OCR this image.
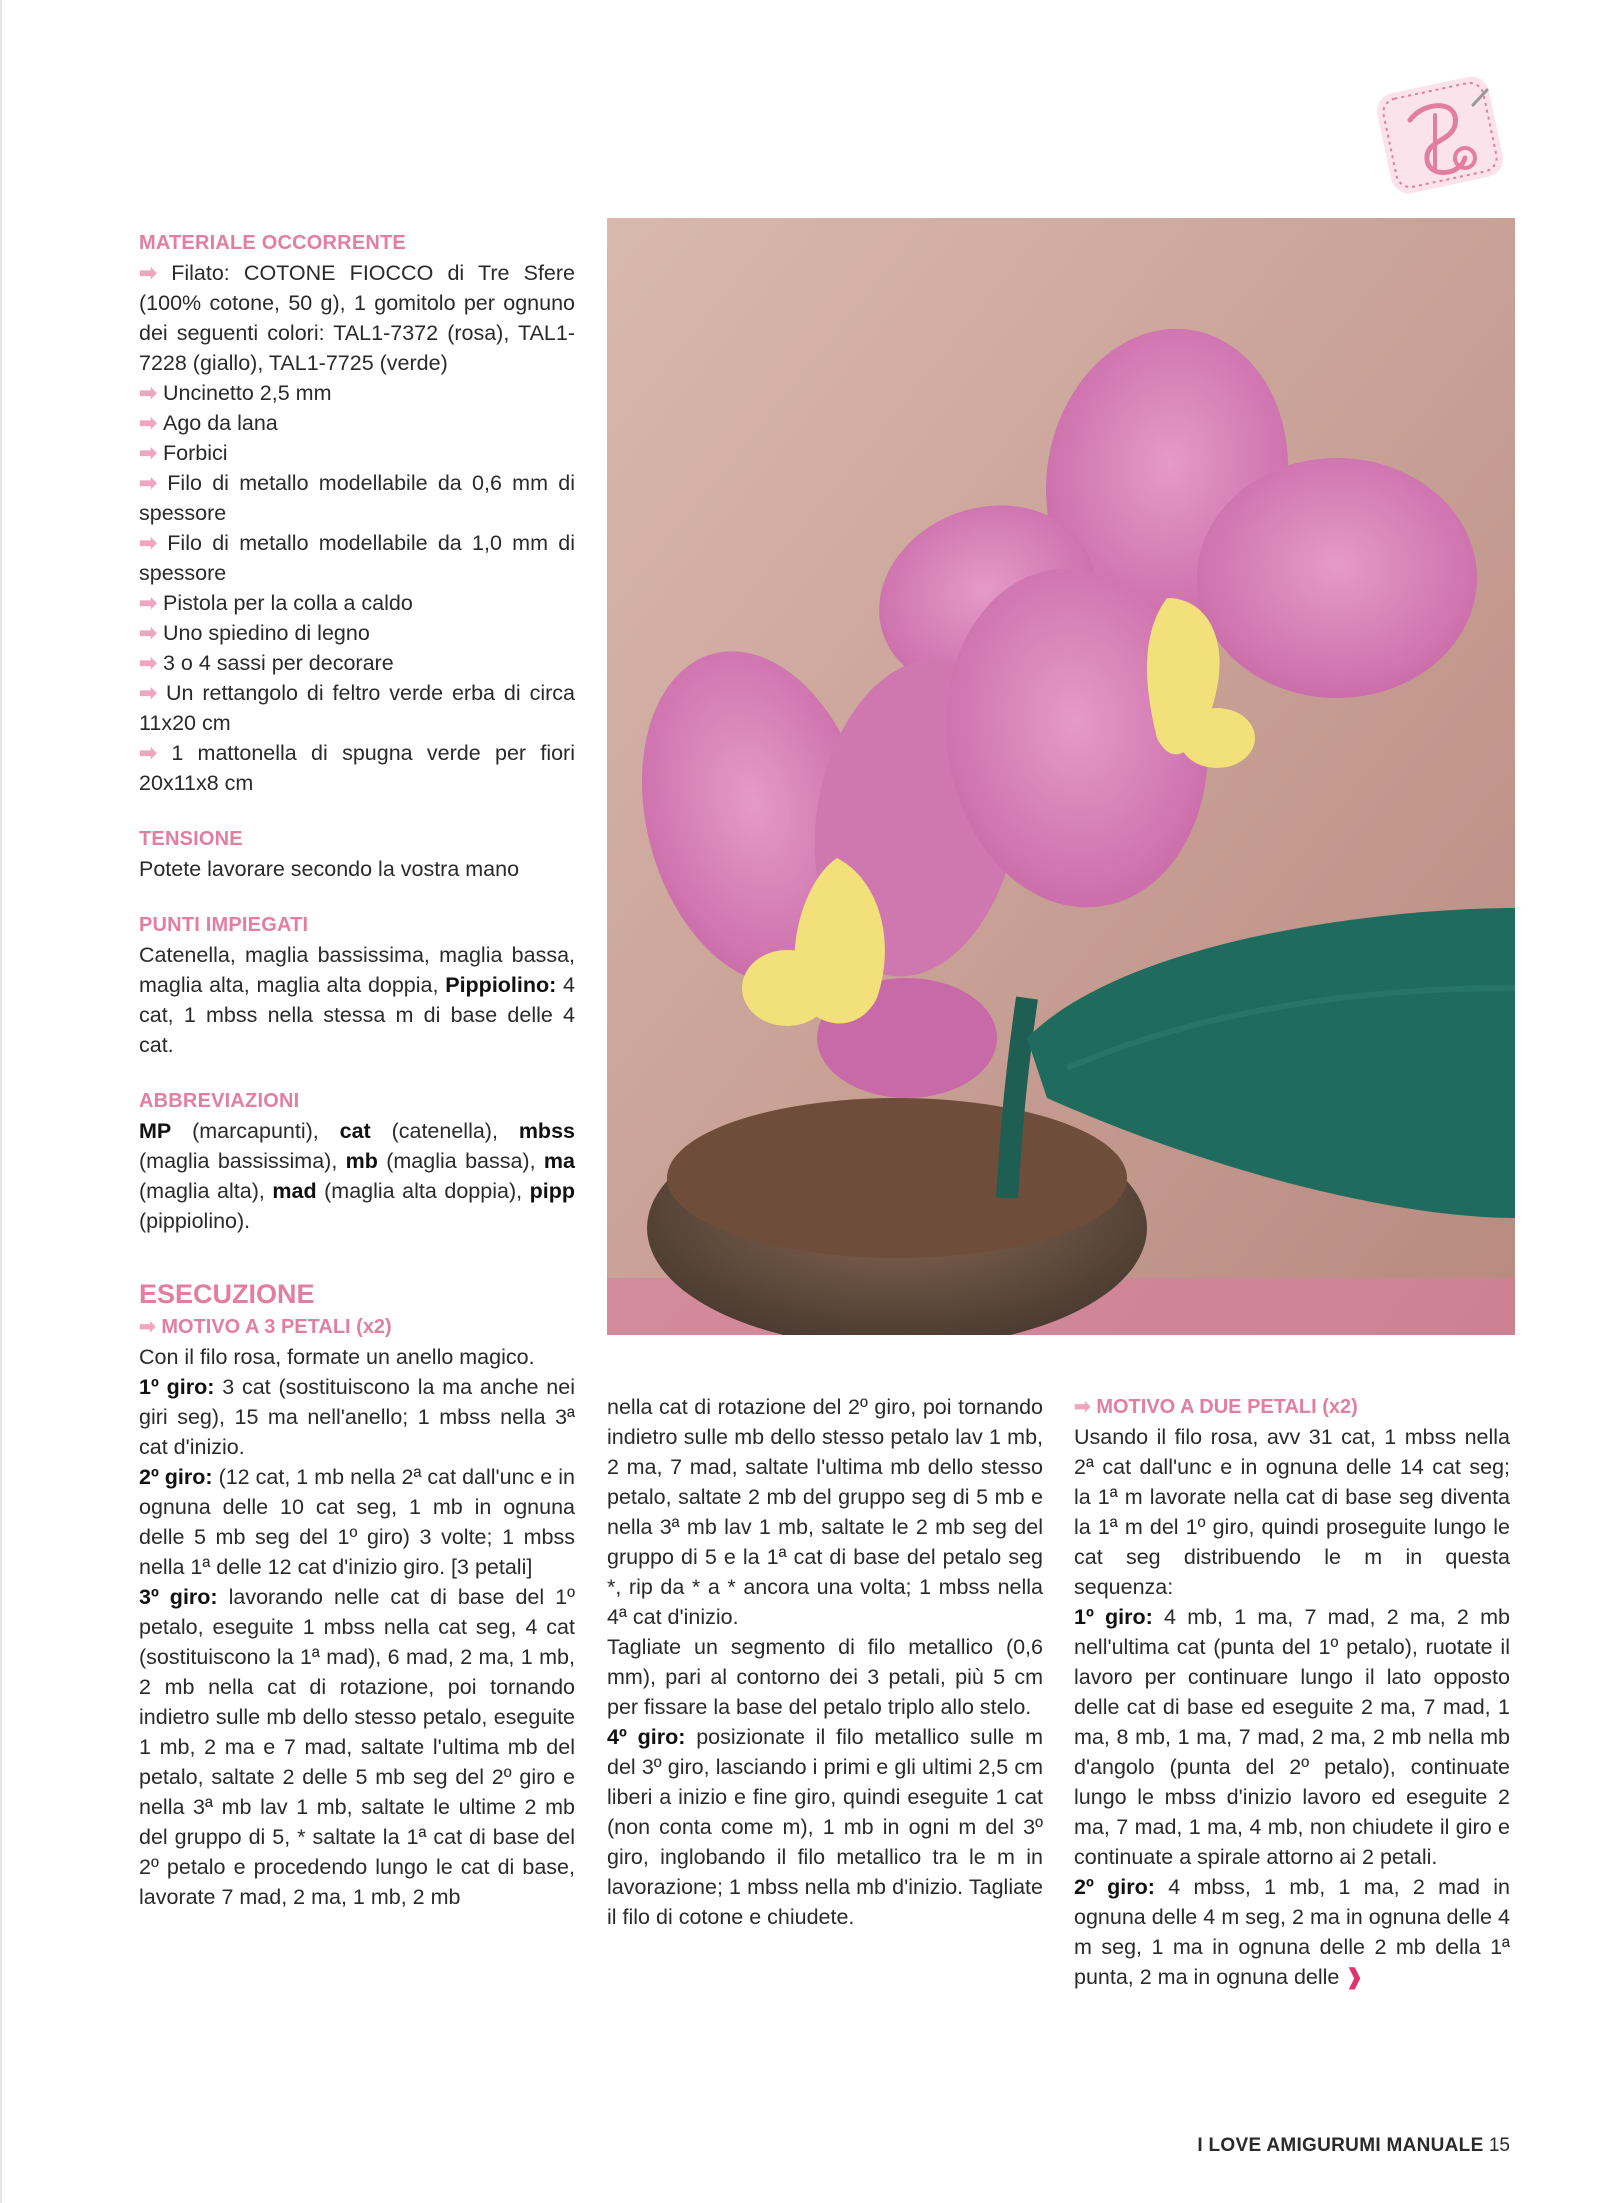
MATERIALE OCCORRENTE
➡ Filato: COTONE FIOCCO di Tre Sfere (100% cotone, 50 g), 1 gomitolo per ognuno dei seguenti colori: TAL1-7372 (rosa), TAL1-7228 (giallo), TAL1-7725 (verde)
➡ Uncinetto 2,5 mm
➡ Ago da lana
➡ Forbici
➡ Filo di metallo modellabile da 0,6 mm di spessore
➡ Filo di metallo modellabile da 1,0 mm di spessore
➡ Pistola per la colla a caldo
➡ Uno spiedino di legno
➡ 3 o 4 sassi per decorare
➡ Un rettangolo di feltro verde erba di circa 11x20 cm
➡ 1 mattonella di spugna verde per fiori 20x11x8 cm
TENSIONE

Potete lavorare secondo la vostra mano

PUNTI IMPIEGATI

Catenella, maglia bassissima, maglia bassa, maglia alta, maglia alta doppia, Pippiolino: 4 cat, 1 mbss nella stessa m di base delle 4 cat.

ABBREVIAZIONI

MP (marcapunti), cat (catenella), mbss (maglia bassissima), mb (maglia bassa), ma (maglia alta), mad (maglia alta doppia), pipp (pippiolino).

ESECUZIONE
➡ MOTIVO A 3 PETALI (x2)

Con il filo rosa, formate un anello magico.

1º giro: 3 cat (sostituiscono la ma anche nei giri seg), 15 ma nell'anello; 1 mbss nella 3ª cat d'inizio.

2º giro: (12 cat, 1 mb nella 2ª cat dall'unc e in ognuna delle 10 cat seg, 1 mb in ognuna delle 5 mb seg del 1º giro) 3 volte; 1 mbss nella 1ª delle 12 cat d'inizio giro. [3 petali]

3º giro: lavorando nelle cat di base del 1º petalo, eseguite 1 mbss nella cat seg, 4 cat (sostituiscono la 1ª mad), 6 mad, 2 ma, 1 mb, 2 mb nella cat di rotazione, poi tornando indietro sulle mb dello stesso petalo, eseguite 1 mb, 2 ma e 7 mad, saltate l'ultima mb del petalo, saltate 2 delle 5 mb seg del 2º giro e nella 3ª mb lav 1 mb, saltate le ultime 2 mb del gruppo di 5, * saltate la 1ª cat di base del 2º petalo e procedendo lungo le cat di base, lavorate 7 mad, 2 ma, 1 mb, 2 mb

nella cat di rotazione del 2º giro, poi tornando indietro sulle mb dello stesso petalo lav 1 mb, 2 ma, 7 mad, saltate l'ultima mb dello stesso petalo, saltate 2 mb del gruppo seg di 5 mb e nella 3ª mb lav 1 mb, saltate le 2 mb seg del gruppo di 5 e la 1ª cat di base del petalo seg *, rip da * a * ancora una volta; 1 mbss nella 4ª cat d'inizio.

Tagliate un segmento di filo metallico (0,6 mm), pari al contorno dei 3 petali, più 5 cm per fissare la base del petalo triplo allo stelo.

4º giro: posizionate il filo metallico sulle m del 3º giro, lasciando i primi e gli ultimi 2,5 cm liberi a inizio e fine giro, quindi eseguite 1 cat (non conta come m), 1 mb in ogni m del 3º giro, inglobando il filo metallico tra le m in lavorazione; 1 mbss nella mb d'inizio. Tagliate il filo di cotone e chiudete.

➡ MOTIVO A DUE PETALI (x2)

Usando il filo rosa, avv 31 cat, 1 mbss nella 2ª cat dall'unc e in ognuna delle 14 cat seg; la 1ª m lavorate nella cat di base seg diventa la 1ª m del 1º giro, quindi proseguite lungo le cat seg distribuendo le m in questa sequenza:

1º giro: 4 mb, 1 ma, 7 mad, 2 ma, 2 mb nell'ultima cat (punta del 1º petalo), ruotate il lavoro per continuare lungo il lato opposto delle cat di base ed eseguite 2 ma, 7 mad, 1 ma, 8 mb, 1 ma, 7 mad, 2 ma, 2 mb nella mb d'angolo (punta del 2º petalo), continuate lungo le mbss d'inizio lavoro ed eseguite 2 ma, 7 mad, 1 ma, 4 mb, non chiudete il giro e continuate a spirale attorno ai 2 petali.

2º giro: 4 mbss, 1 mb, 1 ma, 2 mad in ognuna delle 4 m seg, 2 ma in ognuna delle 4 m seg, 1 ma in ognuna delle 2 mb della 1ª punta, 2 ma in ognuna delle ❱

I LOVE AMIGURUMI MANUALE 15
